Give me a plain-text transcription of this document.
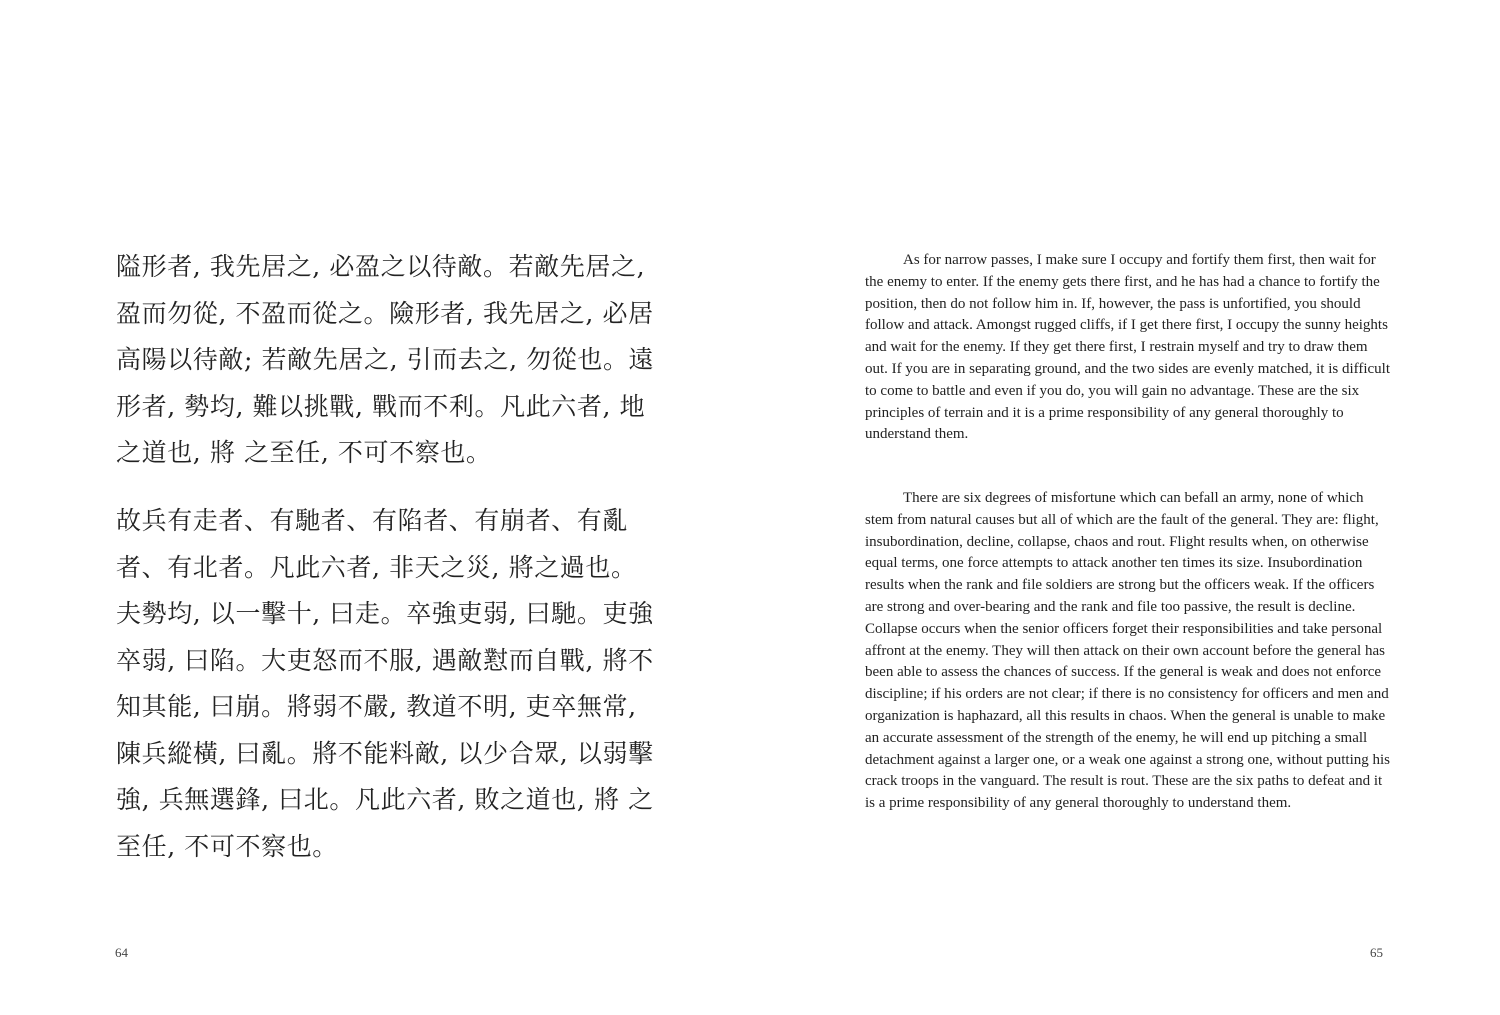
隘形者, 我先居之, 必盈之以待敵。若敵先居之, 盈而勿從, 不盈而從之。險形者, 我先居之, 必居高陽以待敵; 若敵先居之, 引而去之, 勿從也。遠形者, 勢均, 難以挑戰, 戰而不利。凡此六者, 地之道也, 將 之至任, 不可不察也。

故兵有走者、有馳者、有陷者、有崩者、有亂者、有北者。凡此六者, 非天之災, 將之過也。夫勢均, 以一擊十, 曰走。卒強吏弱, 曰馳。吏強卒弱, 曰陷。大吏怒而不服, 遇敵懟而自戰, 將不知其能, 曰崩。將弱不嚴, 教道不明, 吏卒無常, 陳兵縱橫, 曰亂。將不能料敵, 以少合眾, 以弱擊強, 兵無選鋒, 曰北。凡此六者, 敗之道也, 將 之至任, 不可不察也。

64

As for narrow passes, I make sure I occupy and fortify them first, then wait for the enemy to enter. If the enemy gets there first, and he has had a chance to fortify the position, then do not follow him in. If, however, the pass is unfortified, you should follow and attack. Amongst rugged cliffs, if I get there first, I occupy the sunny heights and wait for the enemy. If they get there first, I restrain myself and try to draw them out. If you are in separating ground, and the two sides are evenly matched, it is difficult to come to battle and even if you do, you will gain no advantage. These are the six principles of terrain and it is a prime responsibility of any general thoroughly to understand them.

There are six degrees of misfortune which can befall an army, none of which stem from natural causes but all of which are the fault of the general. They are: flight, insubordination, decline, collapse, chaos and rout. Flight results when, on otherwise equal terms, one force attempts to attack another ten times its size. Insubordination results when the rank and file soldiers are strong but the officers weak. If the officers are strong and over-bearing and the rank and file too passive, the result is decline. Collapse occurs when the senior officers forget their responsibilities and take personal affront at the enemy. They will then attack on their own account before the general has been able to assess the chances of success. If the general is weak and does not enforce discipline; if his orders are not clear; if there is no consistency for officers and men and organization is haphazard, all this results in chaos. When the general is unable to make an accurate assessment of the strength of the enemy, he will end up pitching a small detachment against a larger one, or a weak one against a strong one, without putting his crack troops in the vanguard. The result is rout. These are the six paths to defeat and it is a prime responsibility of any general thoroughly to understand them.

65
